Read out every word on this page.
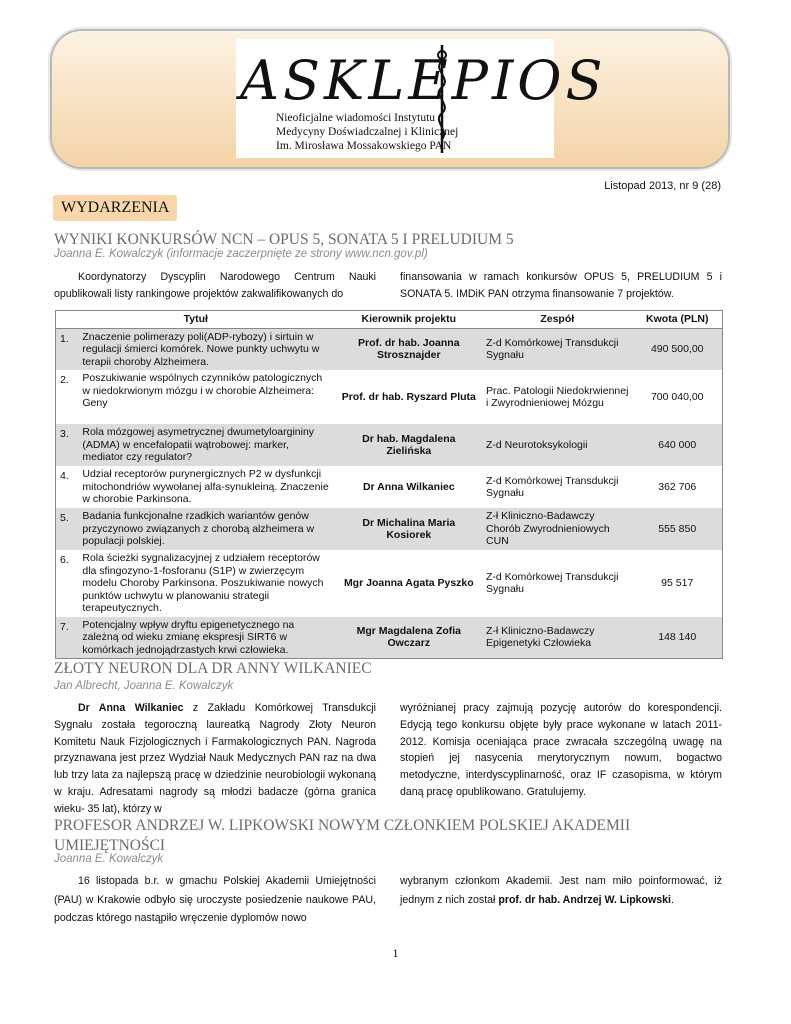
ASKLEPIOS
Nieoficjalne wiadomości Instytutu
Medycyny Doświadczalnej i Klinicznej
Im. Mirosława Mossakowskiego PAN
Listopad 2013, nr 9 (28)
WYDARZENIA
WYNIKI KONKURSÓW NCN – OPUS 5, SONATA 5 I PRELUDIUM 5
Joanna E. Kowalczyk (informacje zaczerpnięte ze strony www.ncn.gov.pl)
Koordynatorzy Dyscyplin Narodowego Centrum Nauki opublikowali listy rankingowe projektów zakwalifikowanych do
finansowania w ramach konkursów OPUS 5, PRELUDIUM 5 i SONATA 5. IMDiK PAN otrzyma finansowanie 7 projektów.
Tytuł		Kierownik projektu	Zespół	Kwota (PLN)
1.	Znaczenie polimerazy poli(ADP-rybozy) i sirtuin w regulacji śmierci komórek. Nowe punkty uchwytu w terapii choroby Alzheimera.	Prof. dr hab. Joanna Strosznajder	Z-d Komórkowej Transdukcji Sygnału	490 500,00
2.	Poszukiwanie wspólnych czynników patologicznych w niedokrwionym mózgu i w chorobie Alzheimera: Geny	Prof. dr hab. Ryszard Pluta	Prac. Patologii Niedokrwiennej i Zwyrodnieniowej Mózgu	700 040,00
3.	Rola mózgowej asymetrycznej dwumetyloargininy (ADMA) w encefalopatii wątrobowej: marker, mediator czy regulator?	Dr hab. Magdalena Zielińska	Z-d Neurotoksykologii	640 000
4.	Udział receptorów purynergicznych P2 w dysfunkcji mitochondriów wywołanej alfa-synukleiną. Znaczenie w chorobie Parkinsona.	Dr Anna Wilkaniec	Z-d Komórkowej Transdukcji Sygnału	362 706
5.	Badania funkcjonalne rzadkich wariantów genów przyczynowo związanych z chorobą alzheimera w populacji polskiej.	Dr Michalina Maria Kosiorek	Z-ł Kliniczno-Badawczy Chorób Zwyrodnieniowych CUN	555 850
6.	Rola ścieżki sygnalizacyjnej z udziałem receptorów dla sfingozyno-1-fosforanu (S1P) w zwierzęcym modelu Choroby Parkinsona. Poszukiwanie nowych punktów uchwytu w planowaniu strategii terapeutycznych.	Mgr Joanna Agata Pyszko	Z-d Komórkowej Transdukcji Sygnału	95 517
7.	Potencjalny wpływ dryftu epigenetycznego na zależną od wieku zmianę ekspresji SIRT6 w komórkach jednojądrzastych krwi człowieka.	Mgr Magdalena Zofia Owczarz	Z-ł Kliniczno-Badawczy Epigenetyki Człowieka	148 140
ZŁOTY NEURON DLA DR ANNY WILKANIEC
Jan Albrecht, Joanna E. Kowalczyk
Dr Anna Wilkaniec z Zakładu Komórkowej Transdukcji Sygnału została tegoroczną laureatką Nagrody Złoty Neuron Komitetu Nauk Fizjologicznych i Farmakologicznych PAN. Nagroda przyznawana jest przez Wydział Nauk Medycznych PAN raz na dwa lub trzy lata za najlepszą pracę w dziedzinie neurobiologii wykonaną w kraju. Adresatami nagrody są młodzi badacze (górna granica wieku- 35 lat), którzy w
wyróżnianej pracy zajmują pozycję autorów do korespondencji. Edycją tego konkursu objęte były prace wykonane w latach 2011-2012. Komisja oceniająca prace zwracała szczególną uwagę na stopień jej nasycenia merytorycznym nowum, bogactwo metodyczne, interdyscyplinarność, oraz IF czasopisma, w którym daną pracę opublikowano. Gratulujemy.
PROFESOR ANDRZEJ W. LIPKOWSKI NOWYM CZŁONKIEM POLSKIEJ AKADEMII UMIEJĘTNOŚCI
Joanna E. Kowalczyk
16 listopada b.r. w gmachu Polskiej Akademii Umiejętności (PAU) w Krakowie odbyło się uroczyste posiedzenie naukowe PAU, podczas którego nastąpiło wręczenie dyplomów nowo
wybranym członkom Akademii. Jest nam miło poinformować, iż jednym z nich został prof. dr hab. Andrzej W. Lipkowski.
1
